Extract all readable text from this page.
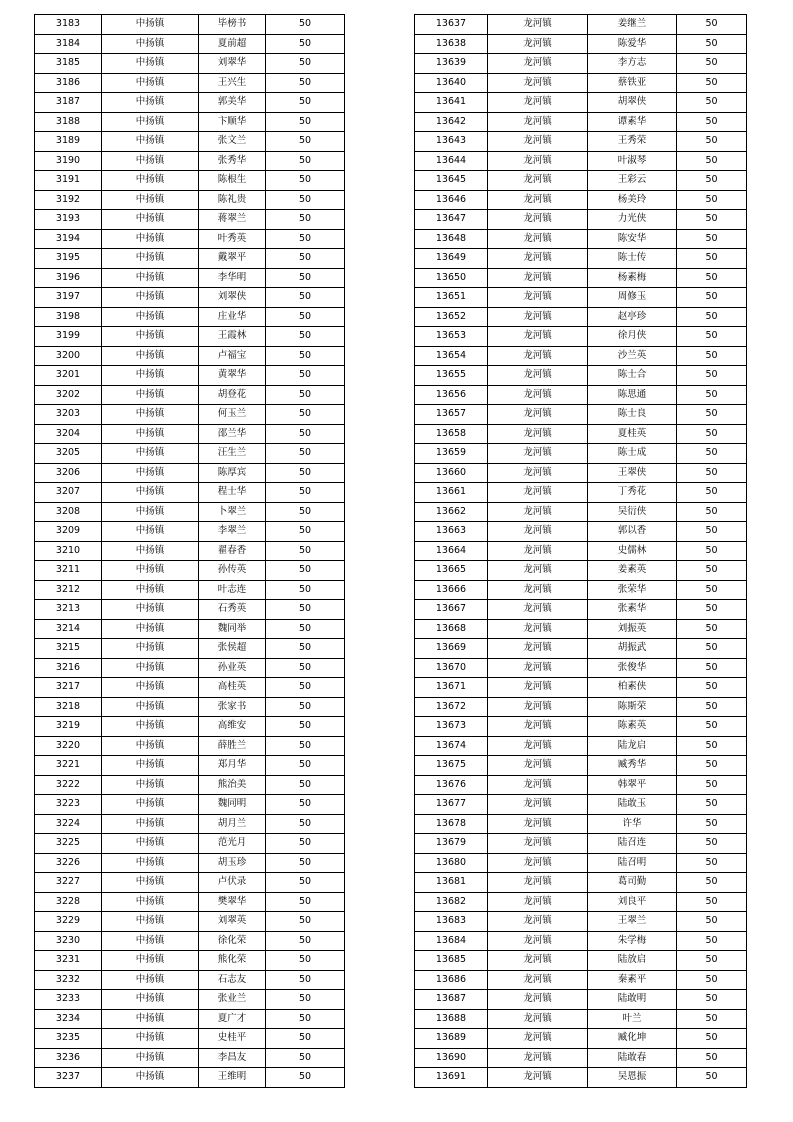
3183	中扬镇	毕榜书	50
3184	中扬镇	夏前超	50
3185	中扬镇	刘翠华	50
3186	中扬镇	王兴生	50
3187	中扬镇	郭美华	50
3188	中扬镇	卞顺华	50
3189	中扬镇	张文兰	50
3190	中扬镇	张秀华	50
3191	中扬镇	陈根生	50
3192	中扬镇	陈礼贵	50
3193	中扬镇	蒋翠兰	50
3194	中扬镇	叶秀英	50
3195	中扬镇	戴翠平	50
3196	中扬镇	李华明	50
3197	中扬镇	刘翠侠	50
3198	中扬镇	庄业华	50
3199	中扬镇	王霞林	50
3200	中扬镇	卢福宝	50
3201	中扬镇	黄翠华	50
3202	中扬镇	胡登花	50
3203	中扬镇	何玉兰	50
3204	中扬镇	邵兰华	50
3205	中扬镇	汪生兰	50
3206	中扬镇	陈厚宾	50
3207	中扬镇	程士华	50
3208	中扬镇	卜翠兰	50
3209	中扬镇	李翠兰	50
3210	中扬镇	翟春香	50
3211	中扬镇	孙传英	50
3212	中扬镇	叶志连	50
3213	中扬镇	石秀英	50
3214	中扬镇	魏同举	50
3215	中扬镇	张侯超	50
3216	中扬镇	孙业英	50
3217	中扬镇	高桂英	50
3218	中扬镇	张家书	50
3219	中扬镇	高维安	50
3220	中扬镇	薛胜兰	50
3221	中扬镇	郑月华	50
3222	中扬镇	熊治美	50
3223	中扬镇	魏同明	50
3224	中扬镇	胡月兰	50
3225	中扬镇	范光月	50
3226	中扬镇	胡玉珍	50
3227	中扬镇	卢伏录	50
3228	中扬镇	樊翠华	50
3229	中扬镇	刘翠英	50
3230	中扬镇	徐化荣	50
3231	中扬镇	熊化荣	50
3232	中扬镇	石志友	50
3233	中扬镇	张业兰	50
3234	中扬镇	夏广才	50
3235	中扬镇	史桂平	50
3236	中扬镇	李昌友	50
3237	中扬镇	王维明	50
13637	龙河镇	姜继兰	50
13638	龙河镇	陈爱华	50
13639	龙河镇	李方志	50
13640	龙河镇	蔡铁亚	50
13641	龙河镇	胡翠侠	50
13642	龙河镇	谭素华	50
13643	龙河镇	王秀荣	50
13644	龙河镇	叶淑琴	50
13645	龙河镇	王彩云	50
13646	龙河镇	杨美玲	50
13647	龙河镇	力光侠	50
13648	龙河镇	陈安华	50
13649	龙河镇	陈士传	50
13650	龙河镇	杨素梅	50
13651	龙河镇	周修玉	50
13652	龙河镇	赵亭珍	50
13653	龙河镇	徐月侠	50
13654	龙河镇	沙兰英	50
13655	龙河镇	陈士合	50
13656	龙河镇	陈思通	50
13657	龙河镇	陈士良	50
13658	龙河镇	夏桂英	50
13659	龙河镇	陈士成	50
13660	龙河镇	王翠侠	50
13661	龙河镇	丁秀花	50
13662	龙河镇	吴衍侠	50
13663	龙河镇	郭以香	50
13664	龙河镇	史儒林	50
13665	龙河镇	姜素英	50
13666	龙河镇	张荣华	50
13667	龙河镇	张素华	50
13668	龙河镇	刘振英	50
13669	龙河镇	胡振武	50
13670	龙河镇	张俊华	50
13671	龙河镇	柏素侠	50
13672	龙河镇	陈斯荣	50
13673	龙河镇	陈素英	50
13674	龙河镇	陆龙启	50
13675	龙河镇	臧秀华	50
13676	龙河镇	韩翠平	50
13677	龙河镇	陆敢玉	50
13678	龙河镇	许华	50
13679	龙河镇	陆召连	50
13680	龙河镇	陆召明	50
13681	龙河镇	葛司勤	50
13682	龙河镇	刘良平	50
13683	龙河镇	王翠兰	50
13684	龙河镇	朱学梅	50
13685	龙河镇	陆放启	50
13686	龙河镇	秦素平	50
13687	龙河镇	陆敢明	50
13688	龙河镇	叶兰	50
13689	龙河镇	臧化坤	50
13690	龙河镇	陆敢春	50
13691	龙河镇	吴恩振	50
